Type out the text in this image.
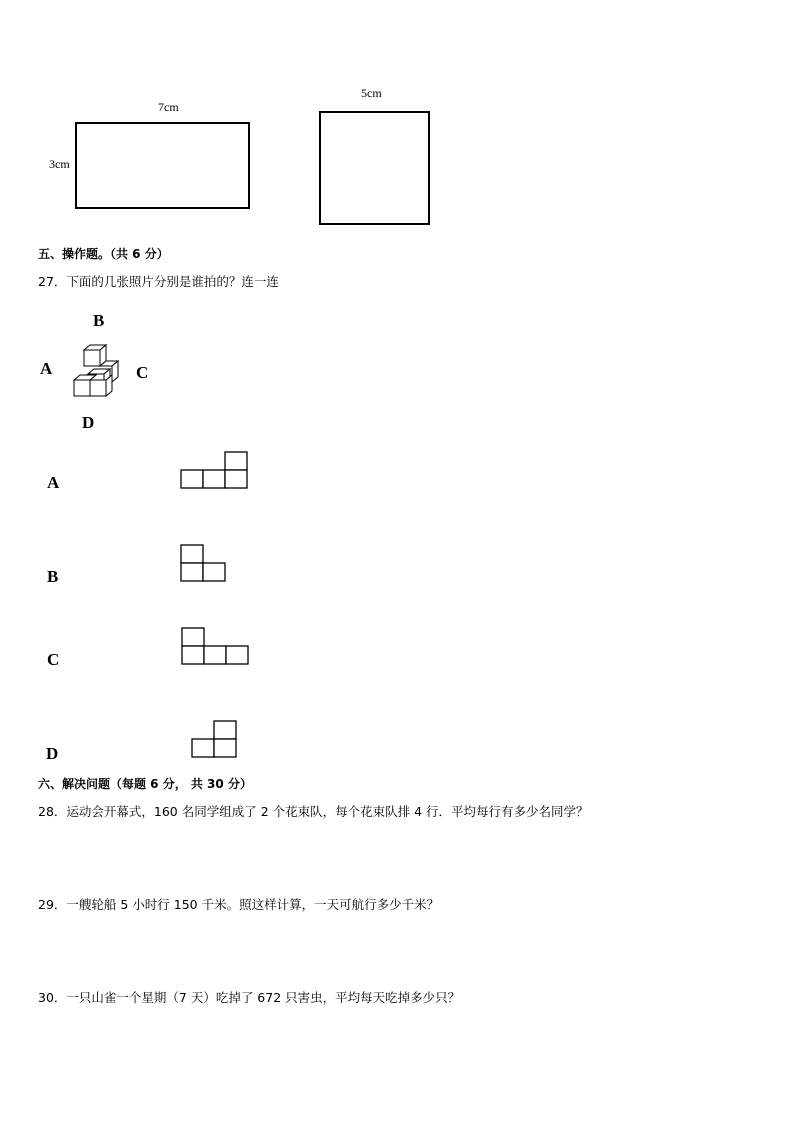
7cm
3cm
5cm
五、操作题。（共 6 分）
27．下面的几张照片分别是谁拍的？连一连
B
A	C
D
A
B
C
D
六、解决问题（每题 6 分， 共 30 分）
28．运动会开幕式，160 名同学组成了 2 个花束队，每个花束队排 4 行．平均每行有多少名同学？
29．一艘轮船 5 小时行 150 千米。照这样计算，一天可航行多少千米？
30．一只山雀一个星期（7 天）吃掉了 672 只害虫，平均每天吃掉多少只？
